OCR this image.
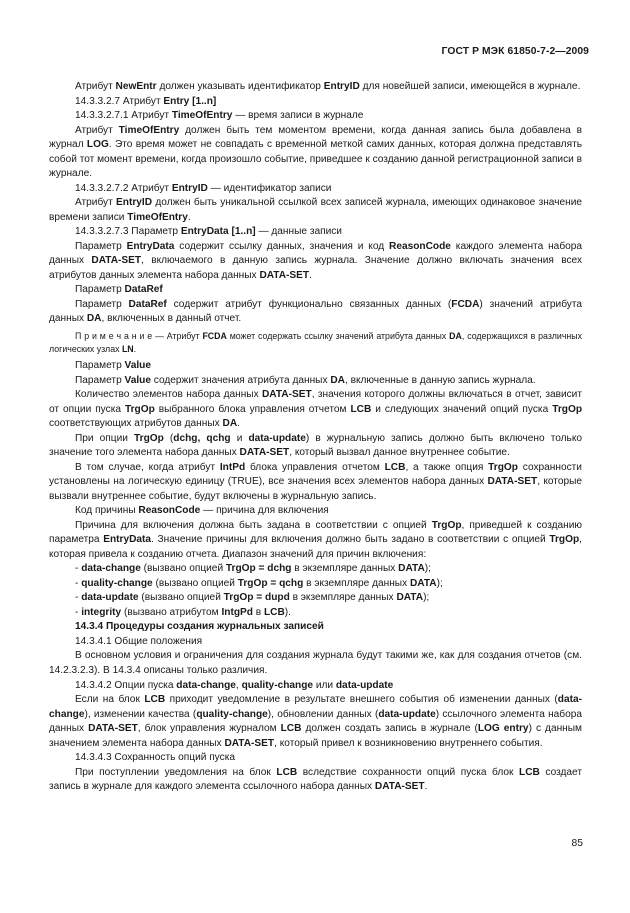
ГОСТ Р МЭК 61850-7-2—2009

Атрибут NewEntr должен указывать идентификатор EntryID для новейшей записи, имеющейся в журнале.

14.3.3.2.7 Атрибут Entry [1..n]

14.3.3.2.7.1 Атрибут TimeOfEntry — время записи в журнале

Атрибут TimeOfEntry должен быть тем моментом времени, когда данная запись была добавлена в журнал LOG. Это время может не совпадать с временной меткой самих данных, которая должна представлять собой тот момент времени, когда произошло событие, приведшее к созданию данной регистрационной записи в журнале.

14.3.3.2.7.2 Атрибут EntryID — идентификатор записи

Атрибут EntryID должен быть уникальной ссылкой всех записей журнала, имеющих одинаковое значение времени записи TimeOfEntry.

14.3.3.2.7.3 Параметр EntryData [1..n] — данные записи

Параметр EntryData содержит ссылку данных, значения и код ReasonCode каждого элемента набора данных DATA-SET, включаемого в данную запись журнала. Значение должно включать значения всех атрибутов данных элемента набора данных DATA-SET.

Параметр DataRef

Параметр DataRef содержит атрибут функционально связанных данных (FCDA) значений атрибута данных DA, включенных в данный отчет.

П р и м е ч а н и е — Атрибут FCDA может содержать ссылку значений атрибута данных DA, содержащихся в различных логических узлах LN.

Параметр Value

Параметр Value содержит значения атрибута данных DA, включенные в данную запись журнала.

Количество элементов набора данных DATA-SET, значения которого должны включаться в отчет, зависит от опции пуска TrgOp выбранного блока управления отчетом LCB и следующих значений опций пуска TrgOp соответствующих атрибутов данных DA.

При опции TrgOp (dchg, qchg и data-update) в журнальную запись должно быть включено только значение того элемента набора данных DATA-SET, который вызвал данное внутреннее событие.

В том случае, когда атрибут IntPd блока управления отчетом LCB, а также опция TrgOp сохранности установлены на логическую единицу (TRUE), все значения всех элементов набора данных DATA-SET, которые вызвали внутреннее событие, будут включены в журнальную запись.

Код причины ReasonCode — причина для включения

Причина для включения должна быть задана в соответствии с опцией TrgOp, приведшей к созданию параметра EntryData. Значение причины для включения должно быть задано в соответствии с опцией TrgOp, которая привела к созданию отчета. Диапазон значений для причин включения:

- data-change (вызвано опцией TrgOp = dchg в экземпляре данных DATA);

- quality-change (вызвано опцией TrgOp = qchg в экземпляре данных DATA);

- data-update (вызвано опцией TrgOp = dupd в экземпляре данных DATA);

- integrity (вызвано атрибутом IntgPd в LCB).

14.3.4 Процедуры создания журнальных записей

14.3.4.1 Общие положения

В основном условия и ограничения для создания журнала будут такими же, как для создания отчетов (см. 14.2.3.2.3). В 14.3.4 описаны только различия.

14.3.4.2 Опции пуска data-change, quality-change или data-update

Если на блок LCB приходит уведомление в результате внешнего события об изменении данных (data-change), изменении качества (quality-change), обновлении данных (data-update) ссылочного элемента набора данных DATA-SET, блок управления журналом LCB должен создать запись в журнале (LOG entry) с данным значением элемента набора данных DATA-SET, который привел к возникновению внутреннего события.

14.3.4.3 Сохранность опций пуска

При поступлении уведомления на блок LCB вследствие сохранности опций пуска блок LCB создает запись в журнале для каждого элемента ссылочного набора данных DATA-SET.

85
